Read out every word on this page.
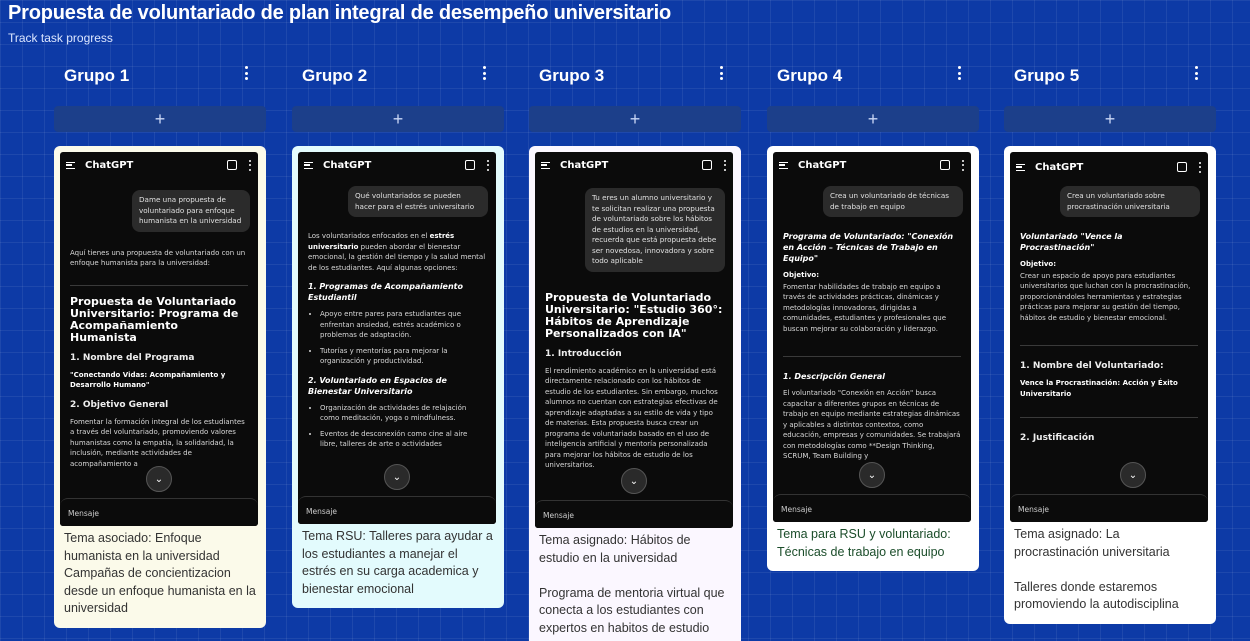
Propuesta de voluntariado de plan integral de desempeño universitario
Track task progress
Grupo 1
+
ChatGPT
Dame una propuesta de voluntariado para enfoque humanista en la universidad

Aquí tienes una propuesta de voluntariado con un enfoque humanista para la universidad:

Propuesta de Voluntariado Universitario: Programa de Acompañamiento Humanista
1. Nombre del Programa

"Conectando Vidas: Acompañamiento y Desarrollo Humano"

2. Objetivo General

Fomentar la formación integral de los estudiantes a través del voluntariado, promoviendo valores humanistas como la empatía, la solidaridad, la inclusión, mediante actividades de acompañamiento a

⌄
Mensaje
Tema asociado: Enfoque humanista en la universidad
Campañas de concientizacion desde un enfoque humanista en la universidad
Grupo 2
+
ChatGPT
Qué voluntariados se pueden hacer para el estrés universitario

Los voluntariados enfocados en el estrés universitario pueden abordar el bienestar emocional, la gestión del tiempo y la salud mental de los estudiantes. Aquí algunas opciones:

1. Programas de Acompañamiento Estudiantil
• Apoyo entre pares para estudiantes que enfrentan ansiedad, estrés académico o problemas de adaptación.
• Tutorías y mentorías para mejorar la organización y productividad.
2. Voluntariado en Espacios de Bienestar Universitario
• Organización de actividades de relajación como meditación, yoga o mindfulness.
• Eventos de desconexión como cine al aire libre, talleres de arte o actividades
⌄
Mensaje
Tema RSU: Talleres para ayudar a los estudiantes a manejar el estrés en su carga academica y bienestar emocional
Grupo 3
+
ChatGPT
Tu eres un alumno universitario y te solicitan realizar una propuesta de voluntariado sobre los hábitos de estudios en la universidad, recuerda que está propuesta debe ser novedosa, innovadora y sobre todo aplicable
Propuesta de Voluntariado Universitario: "Estudio 360°: Hábitos de Aprendizaje Personalizados con IA"
1. Introducción

El rendimiento académico en la universidad está directamente relacionado con los hábitos de estudio de los estudiantes. Sin embargo, muchos alumnos no cuentan con estrategias efectivas de aprendizaje adaptadas a su estilo de vida y tipo de materias. Esta propuesta busca crear un programa de voluntariado basado en el uso de inteligencia artificial y mentoría personalizada para mejorar los hábitos de estudio de los universitarios.

⌄
Mensaje
Tema asignado: Hábitos de estudio en la universidad

Programa de mentoria virtual que conecta a los estudiantes con expertos en habitos de estudio
Grupo 4
+
ChatGPT
Crea un voluntariado de técnicas de trabajo en equipo
Programa de Voluntariado: "Conexión en Acción – Técnicas de Trabajo en Equipo"

Objetivo:

Fomentar habilidades de trabajo en equipo a través de actividades prácticas, dinámicas y metodologías innovadoras, dirigidas a comunidades, estudiantes y profesionales que buscan mejorar su colaboración y liderazgo.

1. Descripción General

El voluntariado "Conexión en Acción" busca capacitar a diferentes grupos en técnicas de trabajo en equipo mediante estrategias dinámicas y aplicables a distintos contextos, como educación, empresas y comunidades. Se trabajará con metodologías como **Design Thinking, SCRUM, Team Building y

⌄
Mensaje
Tema para RSU y voluntariado: Técnicas de trabajo en equipo
Grupo 5
+
ChatGPT
Crea un voluntariado sobre procrastinación universitaria
Voluntariado "Vence la Procrastinación"

Objetivo:

Crear un espacio de apoyo para estudiantes universitarios que luchan con la procrastinación, proporcionándoles herramientas y estrategias prácticas para mejorar su gestión del tiempo, hábitos de estudio y bienestar emocional.

1. Nombre del Voluntariado:

Vence la Procrastinación: Acción y Éxito Universitario

2. Justificación
⌄
Mensaje
Tema asignado: La procrastinación universitaria

Talleres donde estaremos promoviendo la autodisciplina
